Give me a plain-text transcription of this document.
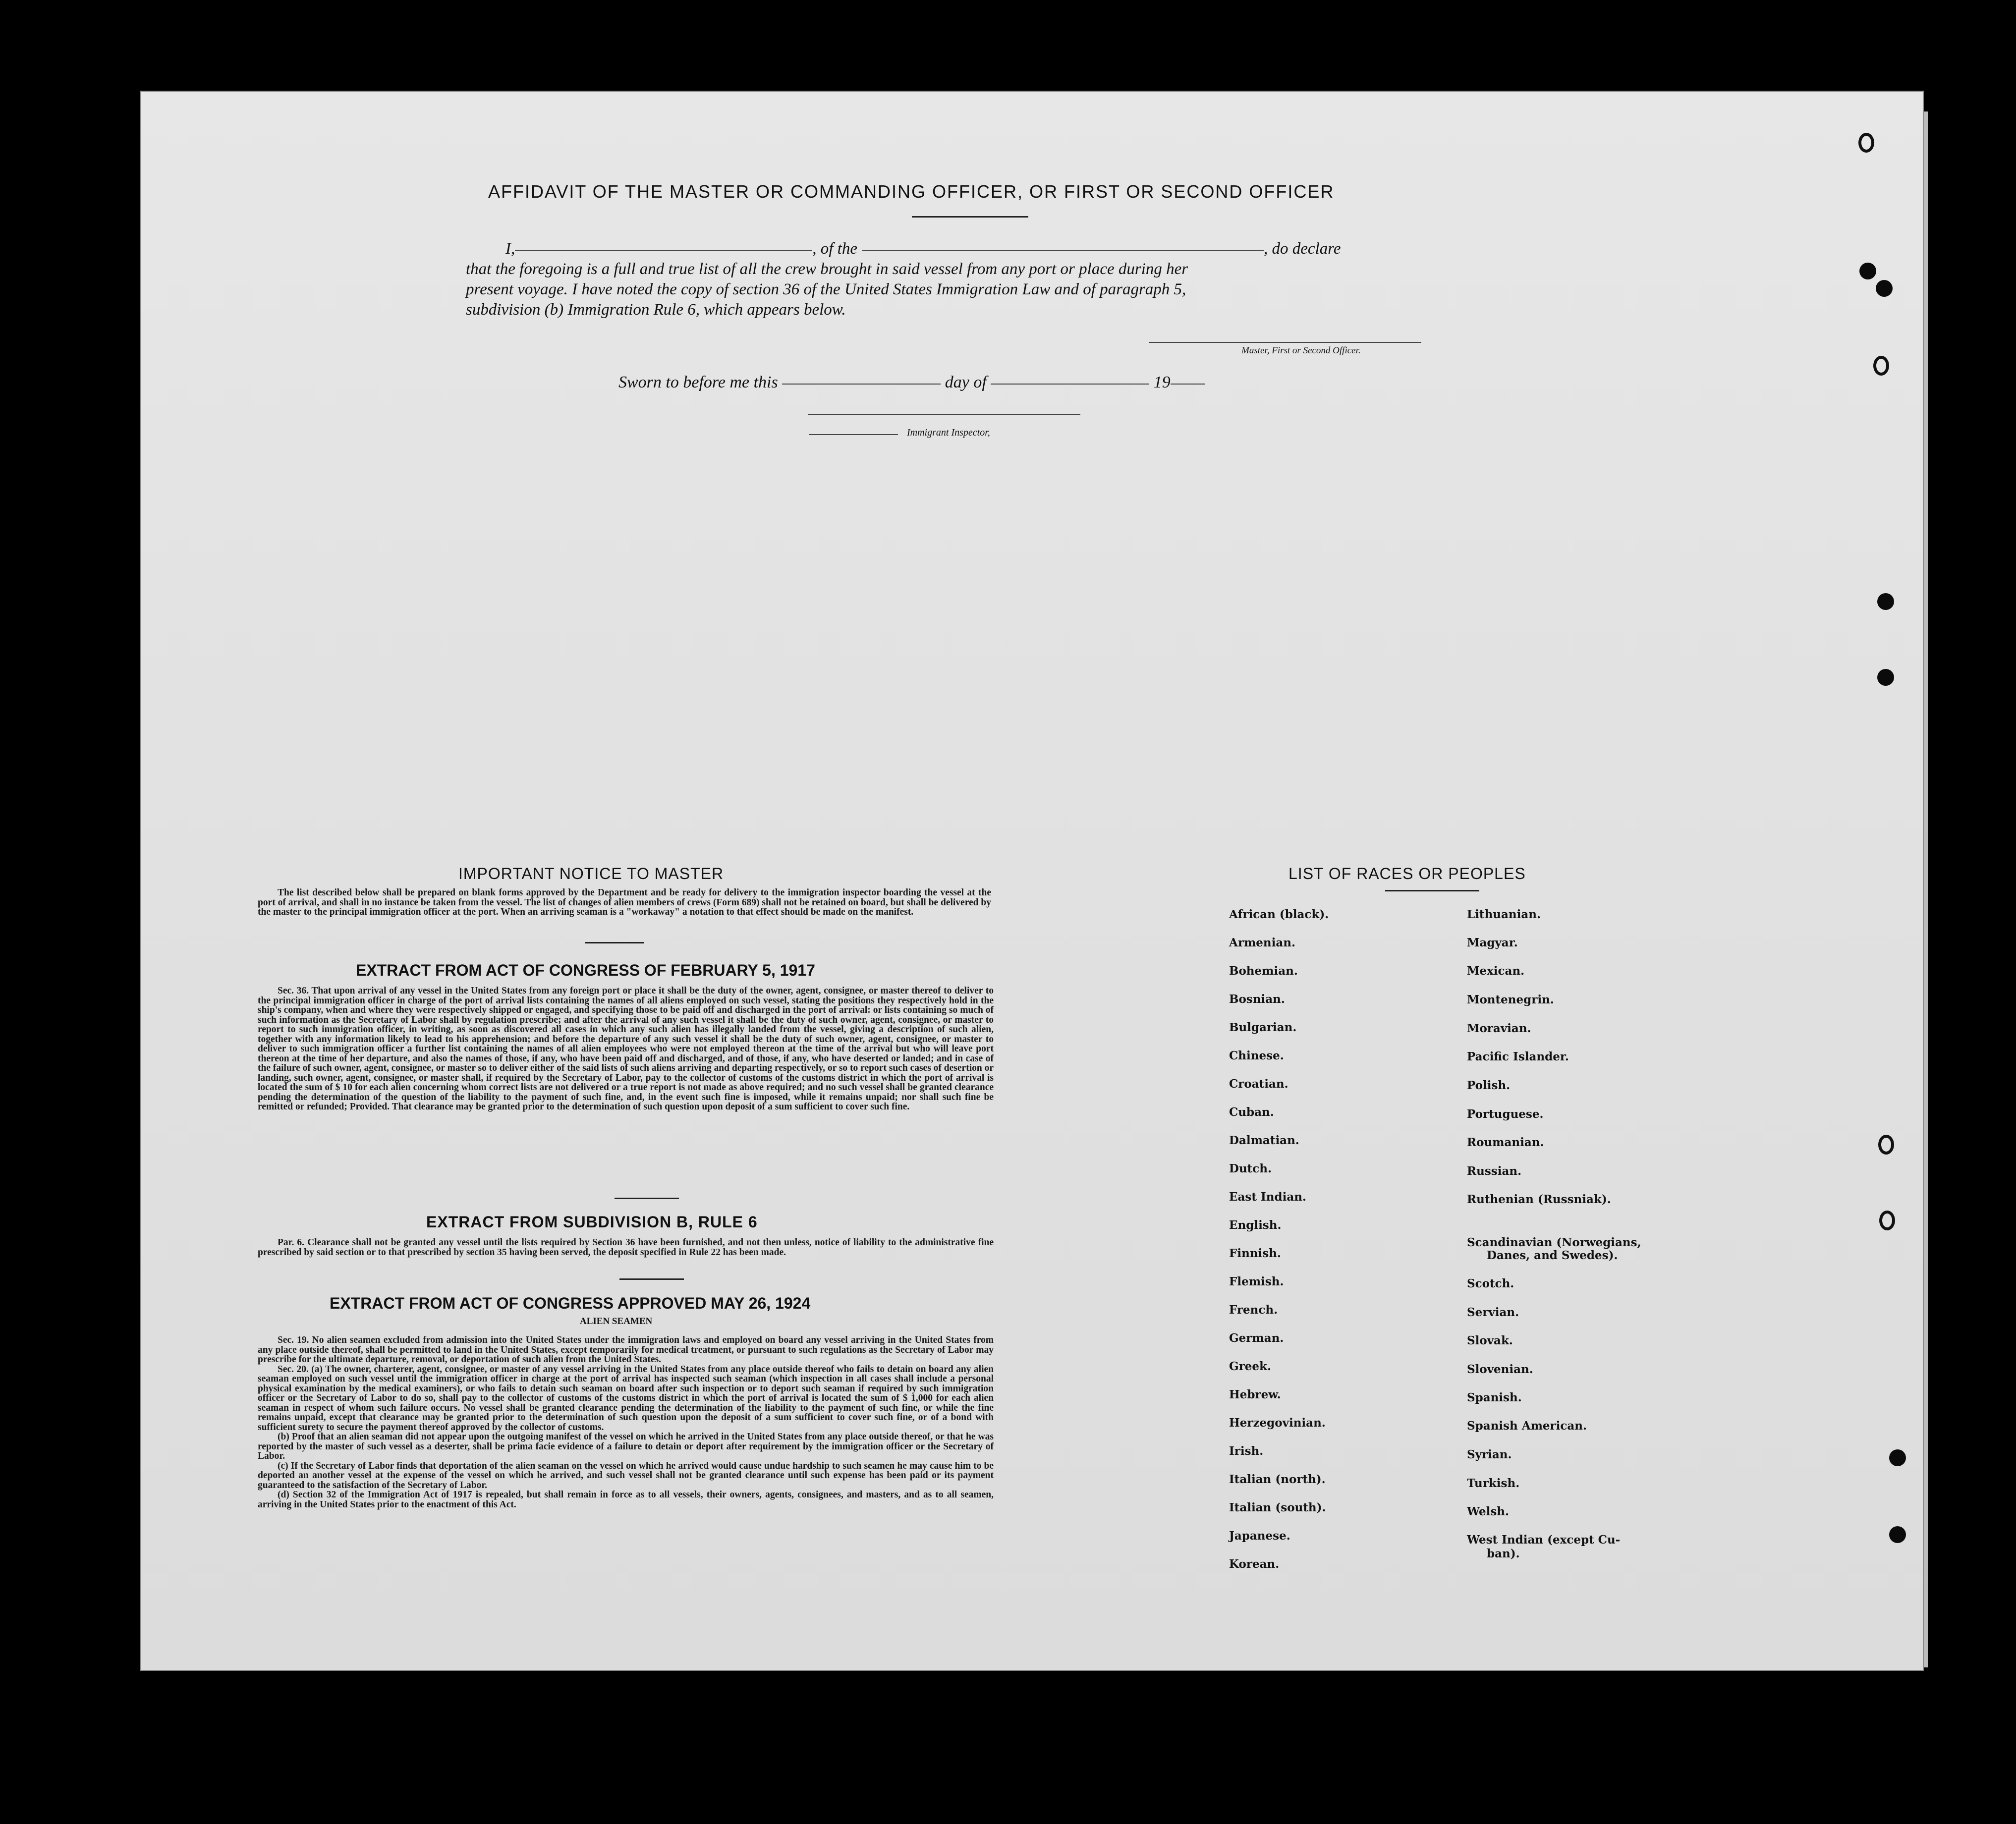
AFFIDAVIT OF THE MASTER OR COMMANDING OFFICER, OR FIRST OR SECOND OFFICER
I,	, of the	, do declare
that the foregoing is a full and true list of all the crew brought in said vessel from any port or place during her
present voyage. I have noted the copy of section 36 of the United States Immigration Law and of paragraph 5,
subdivision (b) Immigration Rule 6, which appears below.
Master, First or Second Officer.
Sworn to before me this	day of	19
Immigrant Inspector,
IMPORTANT NOTICE TO MASTER

The list described below shall be prepared on blank forms approved by the Department and be ready for delivery to the immigration inspector boarding the vessel at the port of arrival, and shall in no instance be taken from the vessel. The list of changes of alien members of crews (Form 689) shall not be retained on board, but shall be delivered by the master to the principal immigration officer at the port. When an arriving seaman is a "workaway" a notation to that effect should be made on the manifest.

EXTRACT FROM ACT OF CONGRESS OF FEBRUARY 5, 1917

Sec. 36. That upon arrival of any vessel in the United States from any foreign port or place it shall be the duty of the owner, agent, consignee, or master thereof to deliver to the principal immigration officer in charge of the port of arrival lists containing the names of all aliens employed on such vessel, stating the positions they respectively hold in the ship's company, when and where they were respectively shipped or engaged, and specifying those to be paid off and discharged in the port of arrival: or lists containing so much of such information as the Secretary of Labor shall by regulation prescribe; and after the arrival of any such vessel it shall be the duty of such owner, agent, consignee, or master to report to such immigration officer, in writing, as soon as discovered all cases in which any such alien has illegally landed from the vessel, giving a description of such alien, together with any information likely to lead to his apprehension; and before the departure of any such vessel it shall be the duty of such owner, agent, consignee, or master to deliver to such immigration officer a further list containing the names of all alien employees who were not employed thereon at the time of the arrival but who will leave port thereon at the time of her departure, and also the names of those, if any, who have been paid off and discharged, and of those, if any, who have deserted or landed; and in case of the failure of such owner, agent, consignee, or master so to deliver either of the said lists of such aliens arriving and departing respectively, or so to report such cases of desertion or landing, such owner, agent, consignee, or master shall, if required by the Secretary of Labor, pay to the collector of customs of the customs district in which the port of arrival is located the sum of $ 10 for each alien concerning whom correct lists are not delivered or a true report is not made as above required; and no such vessel shall be granted clearance pending the determination of the question of the liability to the payment of such fine, and, in the event such fine is imposed, while it remains unpaid; nor shall such fine be remitted or refunded; Provided. That clearance may be granted prior to the determination of such question upon deposit of a sum sufficient to cover such fine.

EXTRACT FROM SUBDIVISION B, RULE 6

Par. 6. Clearance shall not be granted any vessel until the lists required by Section 36 have been furnished, and not then unless, notice of liability to the administrative fine prescribed by said section or to that prescribed by section 35 having been served, the deposit specified in Rule 22 has been made.

EXTRACT FROM ACT OF CONGRESS APPROVED MAY 26, 1924
ALIEN SEAMEN

Sec. 19. No alien seamen excluded from admission into the United States under the immigration laws and employed on board any vessel arriving in the United States from any place outside thereof, shall be permitted to land in the United States, except temporarily for medical treatment, or pursuant to such regulations as the Secretary of Labor may prescribe for the ultimate departure, removal, or deportation of such alien from the United States.

Sec. 20. (a) The owner, charterer, agent, consignee, or master of any vessel arriving in the United States from any place outside thereof who fails to detain on board any alien seaman employed on such vessel until the immigration officer in charge at the port of arrival has inspected such seaman (which inspection in all cases shall include a personal physical examination by the medical examiners), or who fails to detain such seaman on board after such inspection or to deport such seaman if required by such immigration officer or the Secretary of Labor to do so, shall pay to the collector of customs of the customs district in which the port of arrival is located the sum of $ 1,000 for each alien seaman in respect of whom such failure occurs. No vessel shall be granted clearance pending the determination of the liability to the payment of such fine, or while the fine remains unpaid, except that clearance may be granted prior to the determination of such question upon the deposit of a sum sufficient to cover such fine, or of a bond with sufficient surety to secure the payment thereof approved by the collector of customs.

(b) Proof that an alien seaman did not appear upon the outgoing manifest of the vessel on which he arrived in the United States from any place outside thereof, or that he was reported by the master of such vessel as a deserter, shall be prima facie evidence of a failure to detain or deport after requirement by the immigration officer or the Secretary of Labor.

(c) If the Secretary of Labor finds that deportation of the alien seaman on the vessel on which he arrived would cause undue hardship to such seamen he may cause him to be deported an another vessel at the expense of the vessel on which he arrived, and such vessel shall not be granted clearance until such expense has been paid or its payment guaranteed to the satisfaction of the Secretary of Labor.

(d) Section 32 of the Immigration Act of 1917 is repealed, but shall remain in force as to all vessels, their owners, agents, consignees, and masters, and as to all seamen, arriving in the United States prior to the enactment of this Act.

LIST OF RACES OR PEOPLES
African (black).
Armenian.
Bohemian.
Bosnian.
Bulgarian.
Chinese.
Croatian.
Cuban.
Dalmatian.
Dutch.
East Indian.
English.
Finnish.
Flemish.
French.
German.
Greek.
Hebrew.
Herzegovinian.
Irish.
Italian (north).
Italian (south).
Japanese.
Korean.
Lithuanian.
Magyar.
Mexican.
Montenegrin.
Moravian.
Pacific Islander.
Polish.
Portuguese.
Roumanian.
Russian.
Ruthenian (Russniak).
Scandinavian (Norwegians,
Danes, and Swedes).
Scotch.
Servian.
Slovak.
Slovenian.
Spanish.
Spanish American.
Syrian.
Turkish.
Welsh.
West Indian (except Cu-
ban).
